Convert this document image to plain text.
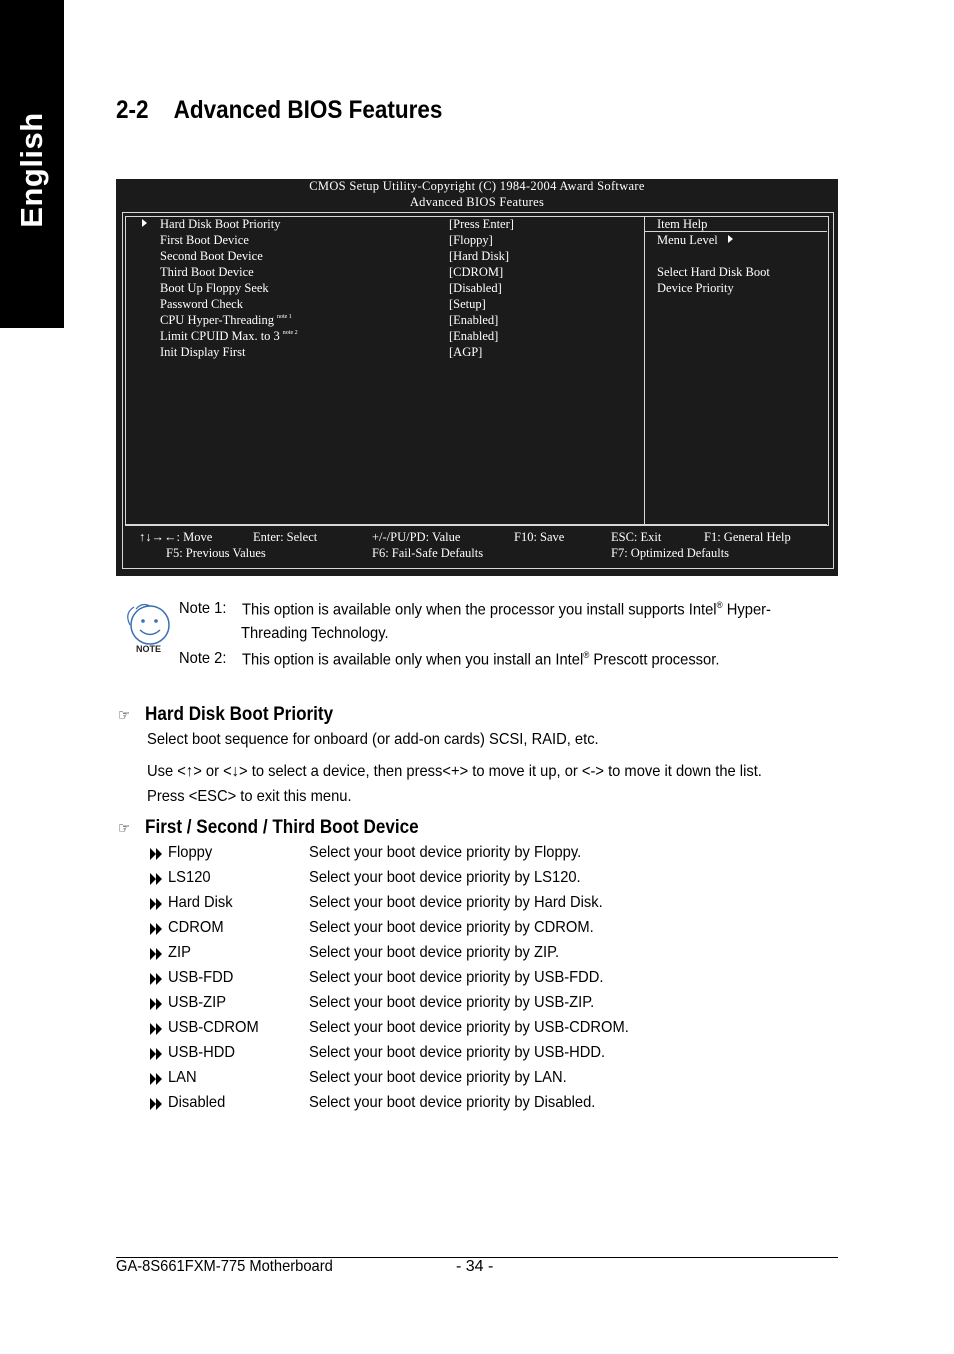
English
2-2 Advanced BIOS Features
CMOS Setup Utility-Copyright (C) 1984-2004 Award Software
Advanced BIOS Features
Hard Disk Boot Priority	[Press Enter]
First Boot Device	[Floppy]
Second Boot Device	[Hard Disk]
Third Boot Device	[CDROM]
Boot Up Floppy Seek	[Disabled]
Password Check	[Setup]
CPU Hyper-Threading $^{note 1}$	[Enabled]
Limit CPUID Max. to 3 $^{note 2}$	[Enabled]
Init Display First	[AGP]
Item Help
Menu Level
Select Hard Disk Boot
Device Priority
↑↓→←: Move	Enter: Select	+/-/PU/PD: Value	F10: Save	ESC: Exit	F1: General Help
F5: Previous Values	F6: Fail-Safe Defaults	F7: Optimized Defaults
NOTE
Note 1: This option is available only when the processor you install supports Intel® Hyper-
Threading Technology.
Note 2: This option is available only when you install an Intel® Prescott processor.
☞ Hard Disk Boot Priority
Select boot sequence for onboard (or add-on cards) SCSI, RAID, etc.
Use <↑> or <↓> to select a device, then press<+> to move it up, or <-> to move it down the list.
Press <ESC> to exit this menu.
☞ First / Second / Third Boot Device
Floppy	Select your boot device priority by Floppy.
LS120	Select your boot device priority by LS120.
Hard Disk	Select your boot device priority by Hard Disk.
CDROM	Select your boot device priority by CDROM.
ZIP	Select your boot device priority by ZIP.
USB-FDD	Select your boot device priority by USB-FDD.
USB-ZIP	Select your boot device priority by USB-ZIP.
USB-CDROM	Select your boot device priority by USB-CDROM.
USB-HDD	Select your boot device priority by USB-HDD.
LAN	Select your boot device priority by LAN.
Disabled	Select your boot device priority by Disabled.
GA-8S661FXM-775 Motherboard	- 34 -
